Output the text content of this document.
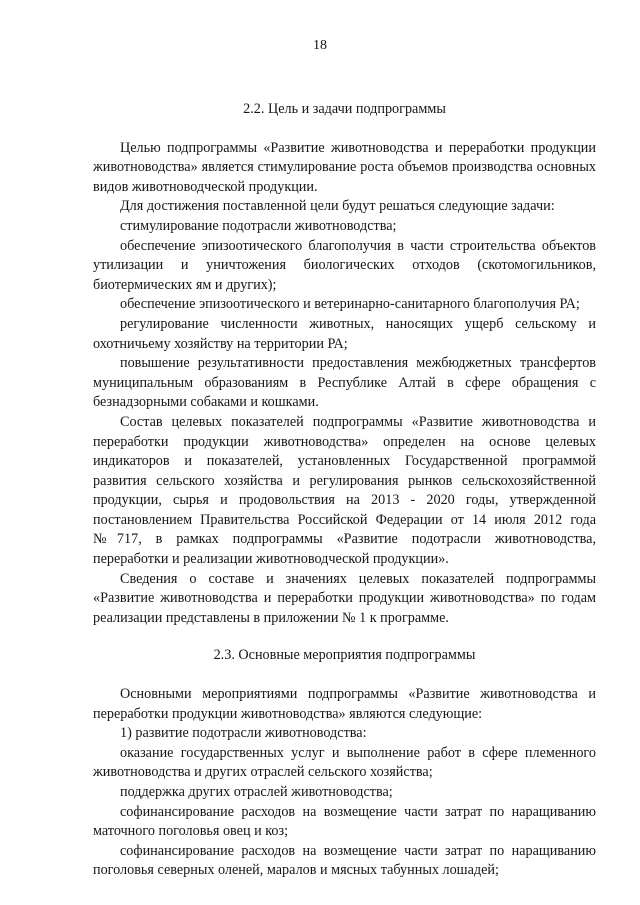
18
2.2. Цель и задачи подпрограммы

Целью подпрограммы «Развитие животноводства и переработки продукции животноводства» является стимулирование роста объемов производства основных видов животноводческой продукции.

Для достижения поставленной цели будут решаться следующие задачи:

стимулирование подотрасли животноводства;

обеспечение эпизоотического благополучия в части строительства объектов утилизации и уничтожения биологических отходов (скотомогильников, биотермических ям и других);

обеспечение эпизоотического и ветеринарно-санитарного благополучия РА;

регулирование численности животных, наносящих ущерб сельскому и охотничьему хозяйству на территории РА;

повышение результативности предоставления межбюджетных трансфертов муниципальным образованиям в Республике Алтай в сфере обращения с безнадзорными собаками и кошками.

Состав целевых показателей подпрограммы «Развитие животноводства и переработки продукции животноводства» определен на основе целевых индикаторов и показателей, установленных Государственной программой развития сельского хозяйства и регулирования рынков сельскохозяйственной продукции, сырья и продовольствия на 2013 - 2020 годы, утвержденной постановлением Правительства Российской Федерации от 14 июля 2012 года №717, в рамках подпрограммы «Развитие подотрасли животноводства, переработки и реализации животноводческой продукции».

Сведения о составе и значениях целевых показателей подпрограммы «Развитие животноводства и переработки продукции животноводства» по годам реализации представлены в приложении № 1 к программе.

2.3. Основные мероприятия подпрограммы

Основными мероприятиями подпрограммы «Развитие животноводства и переработки продукции животноводства» являются следующие:

1) развитие подотрасли животноводства:

оказание государственных услуг и выполнение работ в сфере племенного животноводства и других отраслей сельского хозяйства;

поддержка других отраслей животноводства;

софинансирование расходов на возмещение части затрат по наращиванию маточного поголовья овец и коз;

софинансирование расходов на возмещение части затрат по наращиванию поголовья северных оленей, маралов и мясных табунных лошадей;
